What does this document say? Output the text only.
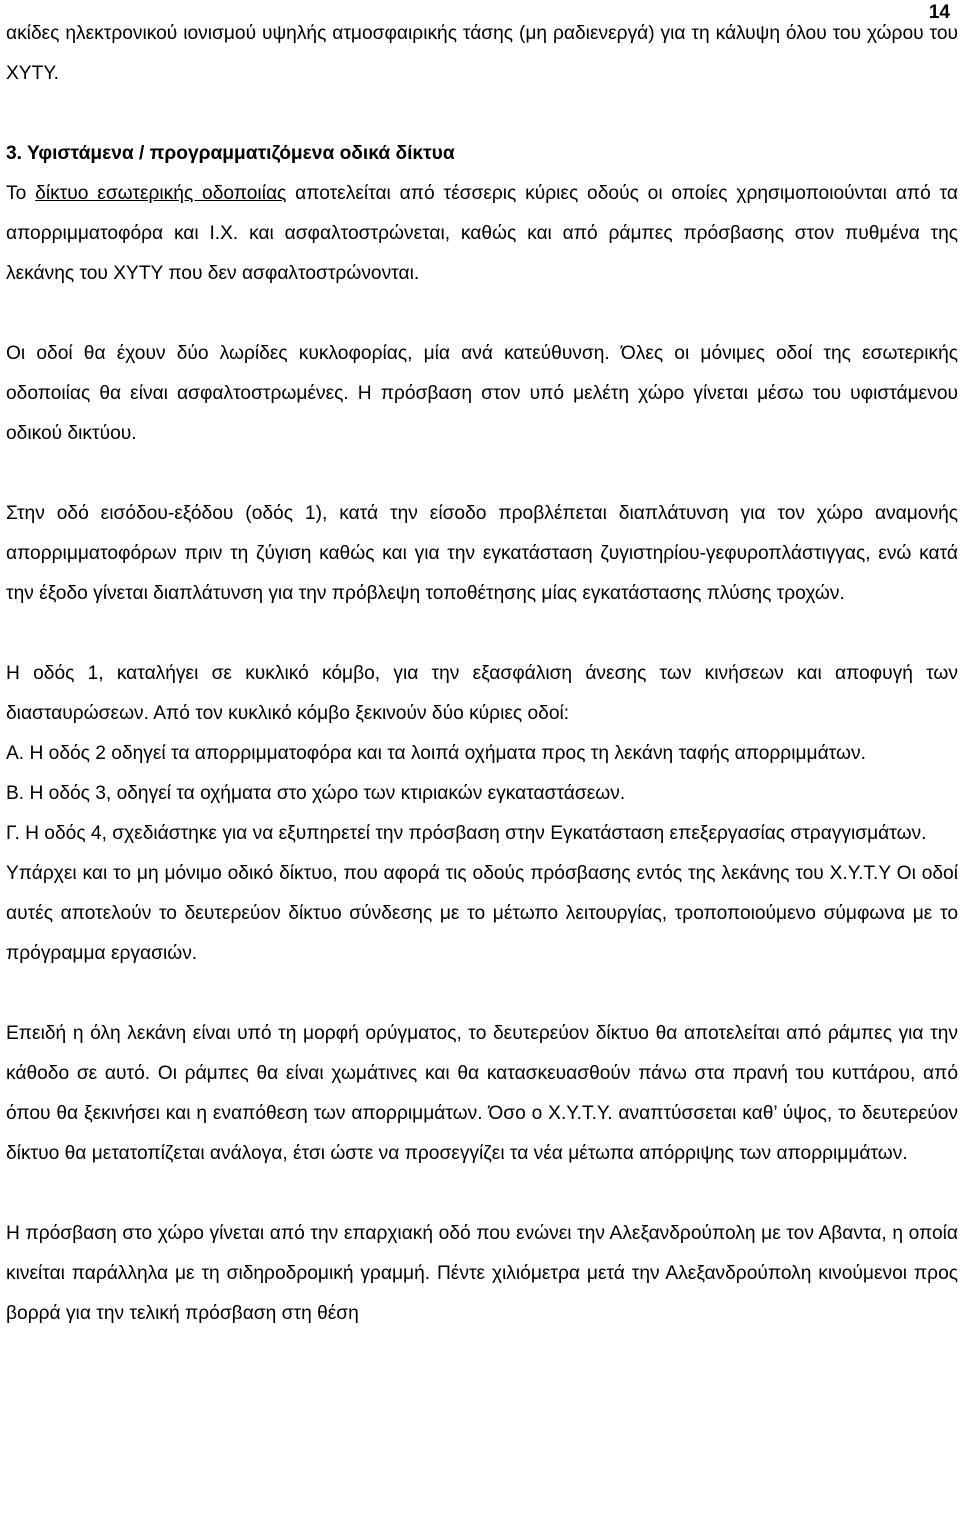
14

ακίδες ηλεκτρονικού ιονισμού υψηλής ατμοσφαιρικής τάσης (μη ραδιενεργά) για τη κάλυψη όλου του χώρου του ΧΥΤΥ.

3. Υφιστάμενα / προγραμματιζόμενα οδικά δίκτυα

Το δίκτυο εσωτερικής οδοποιίας αποτελείται από τέσσερις κύριες οδούς οι οποίες χρησιμοποιούνται από τα απορριμματοφόρα και Ι.Χ. και ασφαλτοστρώνεται, καθώς και από ράμπες πρόσβασης στον πυθμένα της λεκάνης του ΧΥΤΥ που δεν ασφαλτοστρώνονται.

Οι οδοί θα έχουν δύο λωρίδες κυκλοφορίας, μία ανά κατεύθυνση. Όλες οι μόνιμες οδοί της εσωτερικής οδοποιίας θα είναι ασφαλτοστρωμένες. Η πρόσβαση στον υπό μελέτη χώρο γίνεται μέσω του υφιστάμενου οδικού δικτύου.

Στην οδό εισόδου-εξόδου (οδός 1), κατά την είσοδο προβλέπεται διαπλάτυνση για τον χώρο αναμονής απορριμματοφόρων πριν τη ζύγιση καθώς και για την εγκατάσταση ζυγιστηρίου-γεφυροπλάστιγγας, ενώ κατά την έξοδο γίνεται διαπλάτυνση για την πρόβλεψη τοποθέτησης μίας εγκατάστασης πλύσης τροχών.

Η οδός 1, καταλήγει σε κυκλικό κόμβο, για την εξασφάλιση άνεσης των κινήσεων και αποφυγή των διασταυρώσεων. Από τον κυκλικό κόμβο ξεκινούν δύο κύριες οδοί:

Α. Η οδός 2 οδηγεί τα απορριμματοφόρα και τα λοιπά οχήματα προς τη λεκάνη ταφής απορριμμάτων.

Β. Η οδός 3, οδηγεί τα οχήματα στο χώρο των κτιριακών εγκαταστάσεων.

Γ. Η οδός 4, σχεδιάστηκε για να εξυπηρετεί την πρόσβαση στην Εγκατάσταση επεξεργασίας στραγγισμάτων.

Υπάρχει και το μη μόνιμο οδικό δίκτυο, που αφορά τις οδούς πρόσβασης εντός της λεκάνης του Χ.Υ.Τ.Υ Οι οδοί αυτές αποτελούν το δευτερεύον δίκτυο σύνδεσης με το μέτωπο λειτουργίας, τροποποιούμενο σύμφωνα με το πρόγραμμα εργασιών.

Επειδή η όλη λεκάνη είναι υπό τη μορφή ορύγματος, το δευτερεύον δίκτυο θα αποτελείται από ράμπες για την κάθοδο σε αυτό. Οι ράμπες θα είναι χωμάτινες και θα κατασκευασθούν πάνω στα πρανή του κυττάρου, από όπου θα ξεκινήσει και η εναπόθεση των απορριμμάτων. Όσο ο Χ.Υ.Τ.Υ. αναπτύσσεται καθ’ ύψος, το δευτερεύον δίκτυο θα μετατοπίζεται ανάλογα, έτσι ώστε να προσεγγίζει τα νέα μέτωπα απόρριψης των απορριμμάτων.

Η πρόσβαση στο χώρο γίνεται από την επαρχιακή οδό που ενώνει την Αλεξανδρούπολη με τον Αβαντα, η οποία κινείται παράλληλα με τη σιδηροδρομική γραμμή. Πέντε χιλιόμετρα μετά την Αλεξανδρούπολη κινούμενοι προς βορρά για την τελική πρόσβαση στη θέση
